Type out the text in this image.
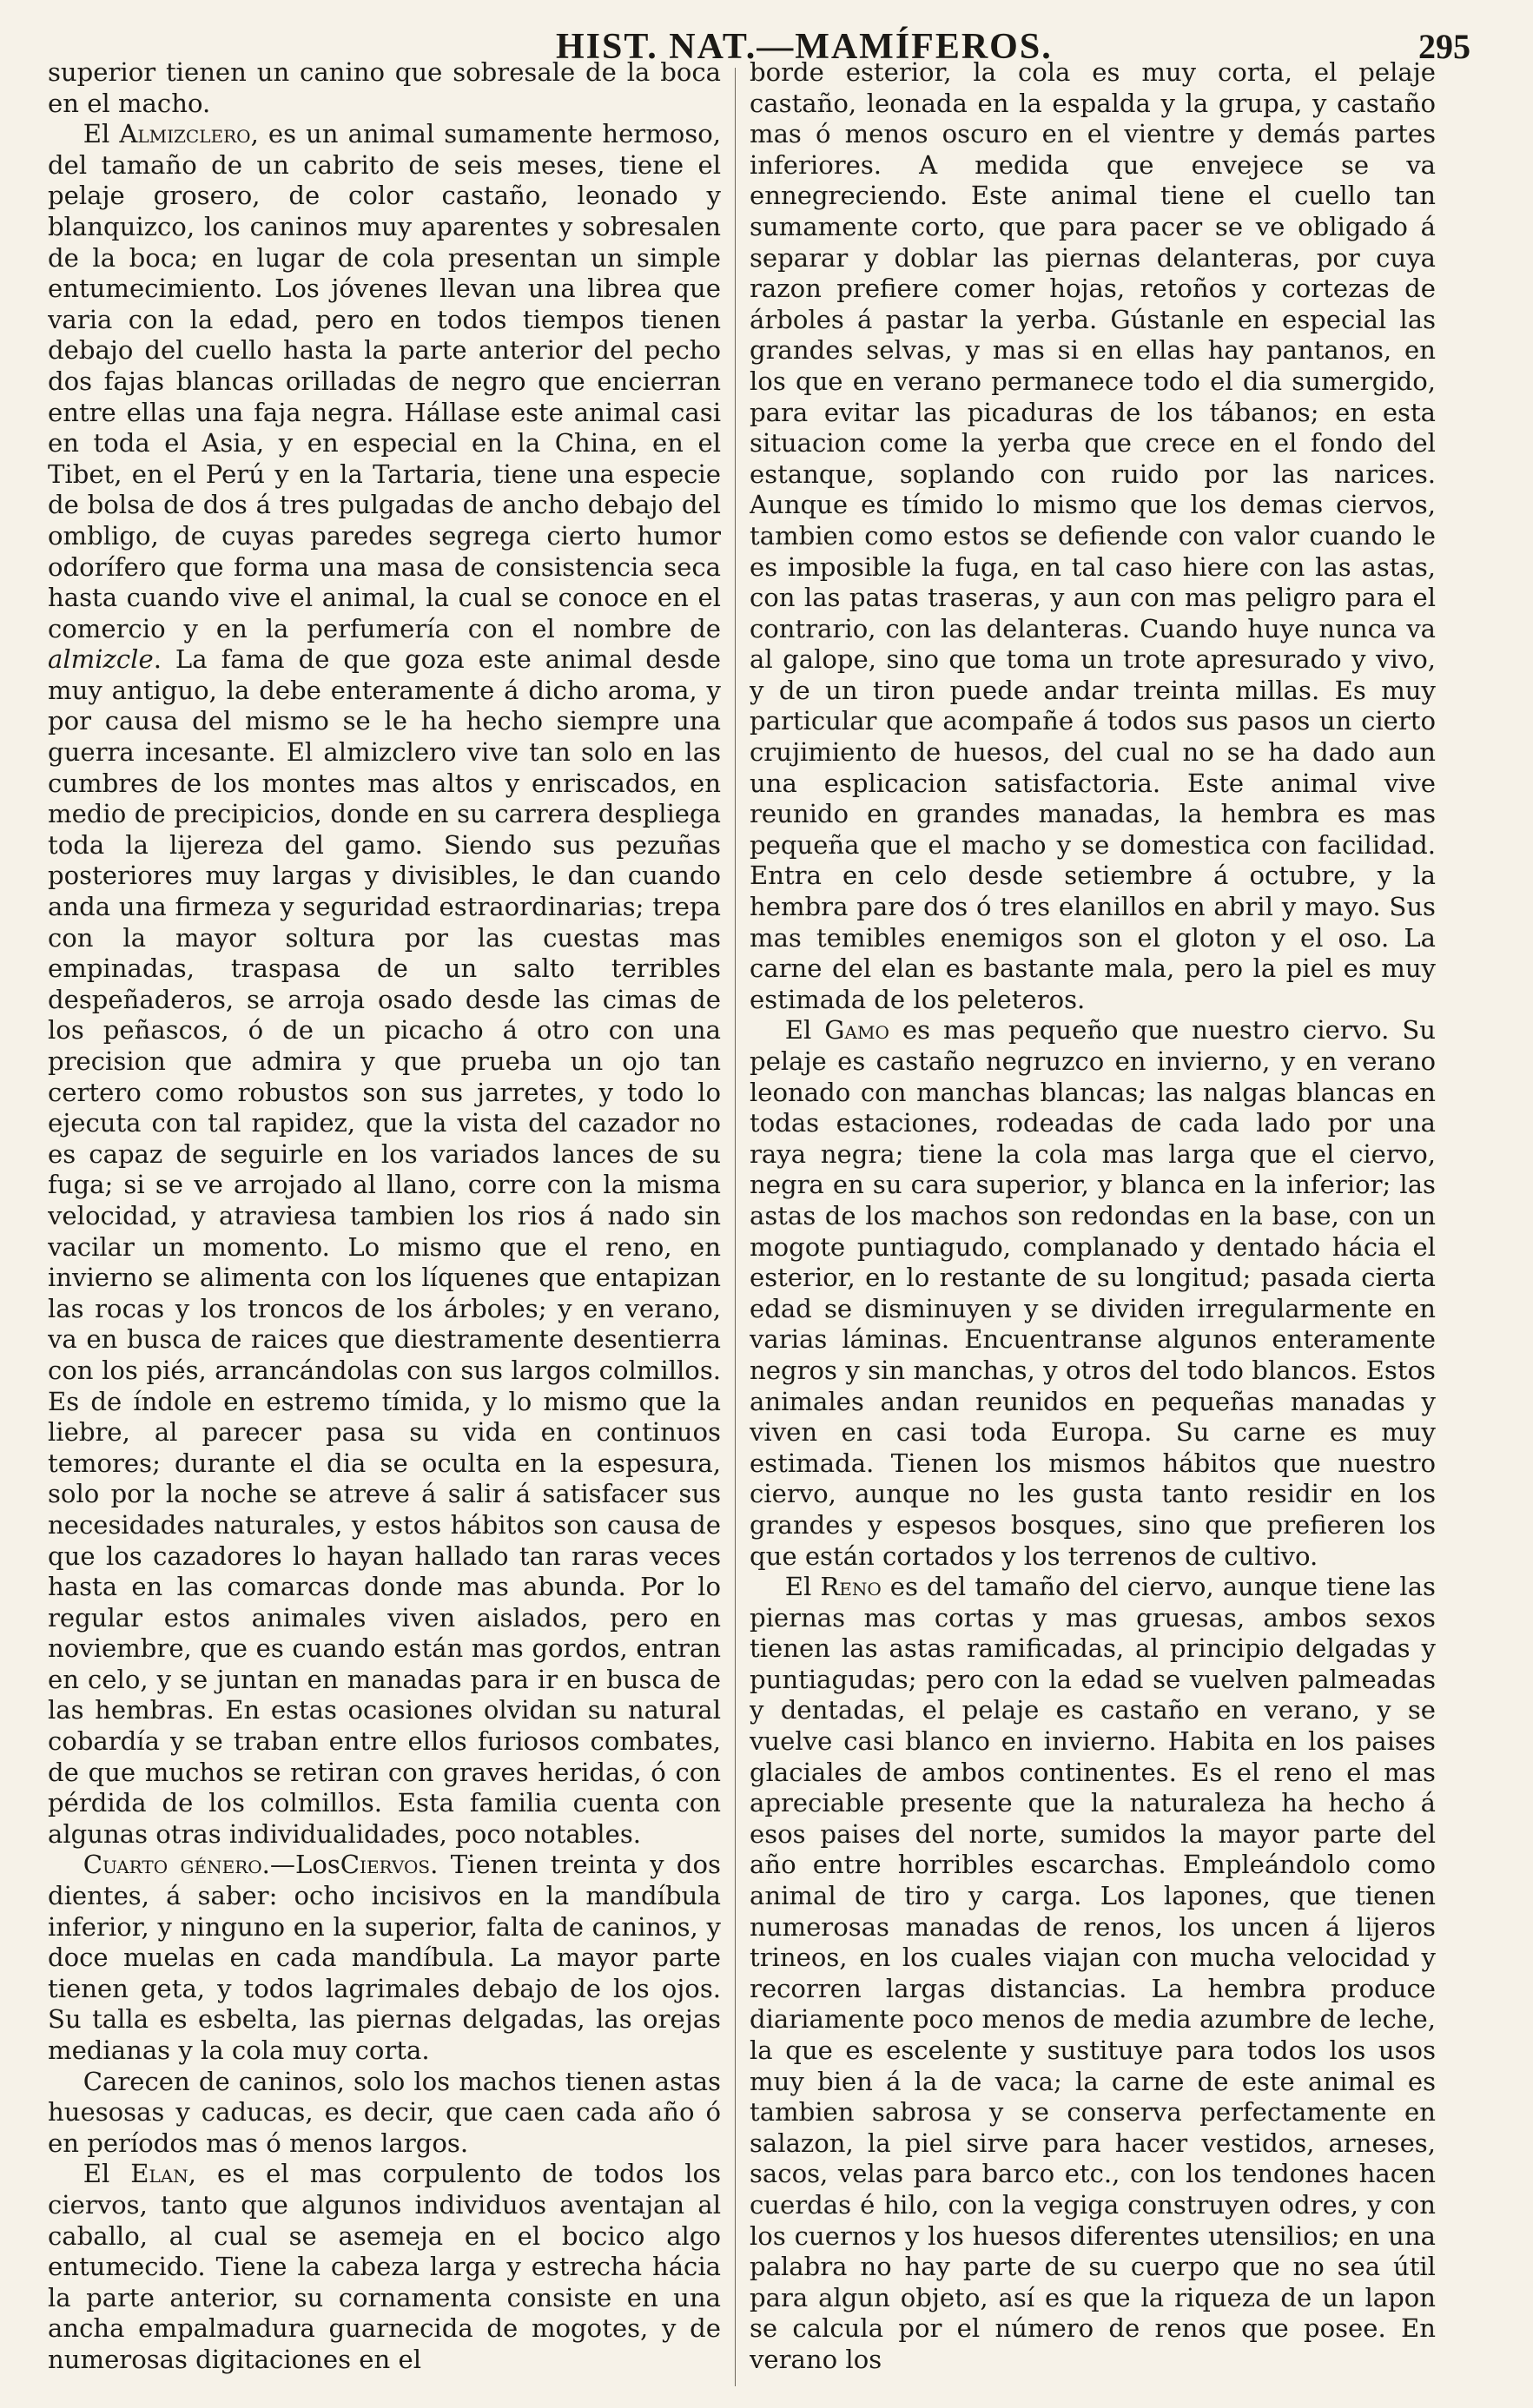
HIST. NAT.—MAMÍFEROS.	295

superior tienen un canino que sobresale de la boca en el macho.

El Almizclero, es un animal sumamente hermoso, del tamaño de un cabrito de seis meses, tiene el pelaje grosero, de color castaño, leonado y blanquizco, los caninos muy aparentes y sobresalen de la boca; en lugar de cola presentan un simple entumecimiento. Los jóvenes llevan una librea que varia con la edad, pero en todos tiempos tienen debajo del cuello hasta la parte anterior del pecho dos fajas blancas orilladas de negro que encierran entre ellas una faja negra. Hállase este animal casi en toda el Asia, y en especial en la China, en el Tibet, en el Perú y en la Tartaria, tiene una especie de bolsa de dos á tres pulgadas de ancho debajo del ombligo, de cuyas paredes segrega cierto humor odorífero que forma una masa de consistencia seca hasta cuando vive el animal, la cual se conoce en el comercio y en la perfumería con el nombre de almizcle. La fama de que goza este animal desde muy antiguo, la debe enteramente á dicho aroma, y por causa del mismo se le ha hecho siempre una guerra incesante. El almizclero vive tan solo en las cumbres de los montes mas altos y enriscados, en medio de precipicios, donde en su carrera despliega toda la lijereza del gamo. Siendo sus pezuñas posteriores muy largas y divisibles, le dan cuando anda una firmeza y seguridad estraordinarias; trepa con la mayor soltura por las cuestas mas empinadas, traspasa de un salto terribles despeñaderos, se arroja osado desde las cimas de los peñascos, ó de un picacho á otro con una precision que admira y que prueba un ojo tan certero como robustos son sus jarretes, y todo lo ejecuta con tal rapidez, que la vista del cazador no es capaz de seguirle en los variados lances de su fuga; si se ve arrojado al llano, corre con la misma velocidad, y atraviesa tambien los rios á nado sin vacilar un momento. Lo mismo que el reno, en invierno se alimenta con los líquenes que entapizan las rocas y los troncos de los árboles; y en verano, va en busca de raices que diestramente desentierra con los piés, arrancándolas con sus largos colmillos. Es de índole en estremo tímida, y lo mismo que la liebre, al parecer pasa su vida en continuos temores; durante el dia se oculta en la espesura, solo por la noche se atreve á salir á satisfacer sus necesidades naturales, y estos hábitos son causa de que los cazadores lo hayan hallado tan raras veces hasta en las comarcas donde mas abunda. Por lo regular estos animales viven aislados, pero en noviembre, que es cuando están mas gordos, entran en celo, y se juntan en manadas para ir en busca de las hembras. En estas ocasiones olvidan su natural cobardía y se traban entre ellos furiosos combates, de que muchos se retiran con graves heridas, ó con pérdida de los colmillos. Esta familia cuenta con algunas otras individualidades, poco notables.

Cuarto género.—LosCiervos. Tienen treinta y dos dientes, á saber: ocho incisivos en la mandíbula inferior, y ninguno en la superior, falta de caninos, y doce muelas en cada mandíbula. La mayor parte tienen geta, y todos lagrimales debajo de los ojos. Su talla es esbelta, las piernas delgadas, las orejas medianas y la cola muy corta.

Carecen de caninos, solo los machos tienen astas huesosas y caducas, es decir, que caen cada año ó en períodos mas ó menos largos.

El Elan, es el mas corpulento de todos los ciervos, tanto que algunos individuos aventajan al caballo, al cual se asemeja en el bocico algo entumecido. Tiene la cabeza larga y estrecha hácia la parte anterior, su cornamenta consiste en una ancha empalmadura guarnecida de mogotes, y de numerosas digitaciones en el

borde esterior, la cola es muy corta, el pelaje castaño, leonada en la espalda y la grupa, y castaño mas ó menos oscuro en el vientre y demás partes inferiores. A medida que envejece se va ennegreciendo. Este animal tiene el cuello tan sumamente corto, que para pacer se ve obligado á separar y doblar las piernas delanteras, por cuya razon prefiere comer hojas, retoños y cortezas de árboles á pastar la yerba. Gústanle en especial las grandes selvas, y mas si en ellas hay pantanos, en los que en verano permanece todo el dia sumergido, para evitar las picaduras de los tábanos; en esta situacion come la yerba que crece en el fondo del estanque, soplando con ruido por las narices. Aunque es tímido lo mismo que los demas ciervos, tambien como estos se defiende con valor cuando le es imposible la fuga, en tal caso hiere con las astas, con las patas traseras, y aun con mas peligro para el contrario, con las delanteras. Cuando huye nunca va al galope, sino que toma un trote apresurado y vivo, y de un tiron puede andar treinta millas. Es muy particular que acompañe á todos sus pasos un cierto crujimiento de huesos, del cual no se ha dado aun una esplicacion satisfactoria. Este animal vive reunido en grandes manadas, la hembra es mas pequeña que el macho y se domestica con facilidad. Entra en celo desde setiembre á octubre, y la hembra pare dos ó tres elanillos en abril y mayo. Sus mas temibles enemigos son el gloton y el oso. La carne del elan es bastante mala, pero la piel es muy estimada de los peleteros.

El Gamo es mas pequeño que nuestro ciervo. Su pelaje es castaño negruzco en invierno, y en verano leonado con manchas blancas; las nalgas blancas en todas estaciones, rodeadas de cada lado por una raya negra; tiene la cola mas larga que el ciervo, negra en su cara superior, y blanca en la inferior; las astas de los machos son redondas en la base, con un mogote puntiagudo, complanado y dentado hácia el esterior, en lo restante de su longitud; pasada cierta edad se disminuyen y se dividen irregularmente en varias láminas. Encuentranse algunos enteramente negros y sin manchas, y otros del todo blancos. Estos animales andan reunidos en pequeñas manadas y viven en casi toda Europa. Su carne es muy estimada. Tienen los mismos hábitos que nuestro ciervo, aunque no les gusta tanto residir en los grandes y espesos bosques, sino que prefieren los que están cortados y los terrenos de cultivo.

El Reno es del tamaño del ciervo, aunque tiene las piernas mas cortas y mas gruesas, ambos sexos tienen las astas ramificadas, al principio delgadas y puntiagudas; pero con la edad se vuelven palmeadas y dentadas, el pelaje es castaño en verano, y se vuelve casi blanco en invierno. Habita en los paises glaciales de ambos continentes. Es el reno el mas apreciable presente que la naturaleza ha hecho á esos paises del norte, sumidos la mayor parte del año entre horribles escarchas. Empleándolo como animal de tiro y carga. Los lapones, que tienen numerosas manadas de renos, los uncen á lijeros trineos, en los cuales viajan con mucha velocidad y recorren largas distancias. La hembra produce diariamente poco menos de media azumbre de leche, la que es escelente y sustituye para todos los usos muy bien á la de vaca; la carne de este animal es tambien sabrosa y se conserva perfectamente en salazon, la piel sirve para hacer vestidos, arneses, sacos, velas para barco etc., con los tendones hacen cuerdas é hilo, con la vegiga construyen odres, y con los cuernos y los huesos diferentes utensilios; en una palabra no hay parte de su cuerpo que no sea útil para algun objeto, así es que la riqueza de un lapon se calcula por el número de renos que posee. En verano los
